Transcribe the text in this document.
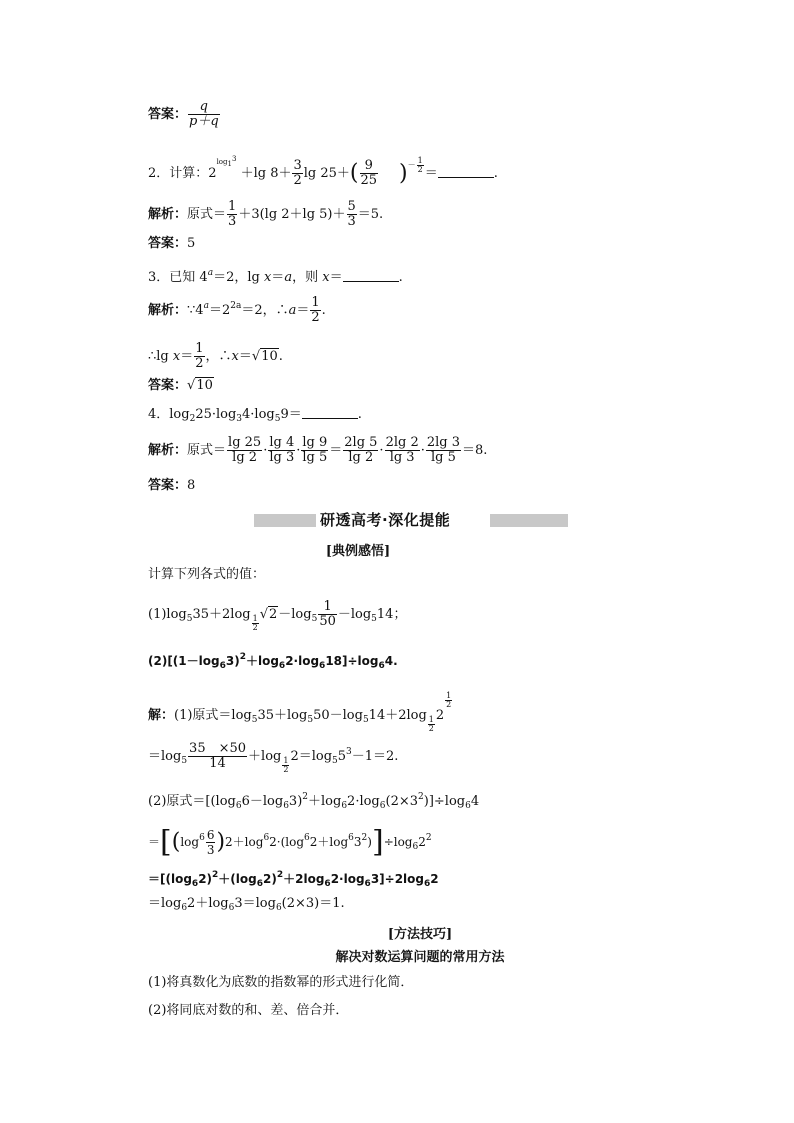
答案： $\frac{q}{p+q}$
2．计算：$2^{log13} +\lg$ $8+ \frac{3}{2}$ $\lg 25+( \frac{9}{25} )^{- \frac{1}{2}}$ ＝	.
解析：原式＝ $\frac{1}{3} +3(\lg$ 2＋lg $5)+ \frac{5}{3} =5$.
答案：5
3．已知 $4^a=2$，lg x＝a，则 x＝	.
解析：$\because 4^a=2^{2a}=2$，∴a＝ $\frac{1}{2}$ .
∴lg $x= \frac{1}{2}$ ，∴x＝√10.
答案：√10
4．$\log_225\cdot\log_34\cdot\log_59=$	.
解析：原式＝ $\frac{\lg 25}{\lg 2} \cdot \frac{\lg 4}{\lg 3} \cdot \frac{\lg 9}{\lg 5} = \frac{2\lg 5}{\lg 2} \cdot \frac{2\lg 2}{\lg 3} \cdot \frac{2\lg 3}{\lg 5} =8$.
答案：8
研透高考·深化提能
[典例感悟]
计算下列各式的值：
$(1)\log_535+2\log$
$\frac{1}{2}$
$√2-\log_5 \frac{1}{50} -\log_514$；
$(2)[(1-\log_63)^2+\log_62\cdot\log_618]\div\log_64$.
解：(1)原式$=\log_535+\log_550-\log_514+2\log$
$\frac{1}{2}$
2
$\frac{1}{2}$
$=\log_5 \frac{35 \times 50}{14} +\log$
$\frac{1}{2}$
$2=\log_55^3-1=2$.
(2)原式$=[(\log_66-\log_63)^2+\log_62\cdot\log_6(2\times 3^2)]\div\log_64$
$=[(\log^6 \frac{6}{3} )2+\log^62\cdot(\log^62+\log^63^2)]\div\log_62^2$
$=[(\log_62)^2+(\log_62)^2+2\log_62\cdot\log_63]\div 2\log_62$
$=\log_62+\log_63=\log_6(2\times 3)=1$.
[方法技巧]
解决对数运算问题的常用方法
(1)将真数化为底数的指数幂的形式进行化简．
(2)将同底对数的和、差、倍合并．
